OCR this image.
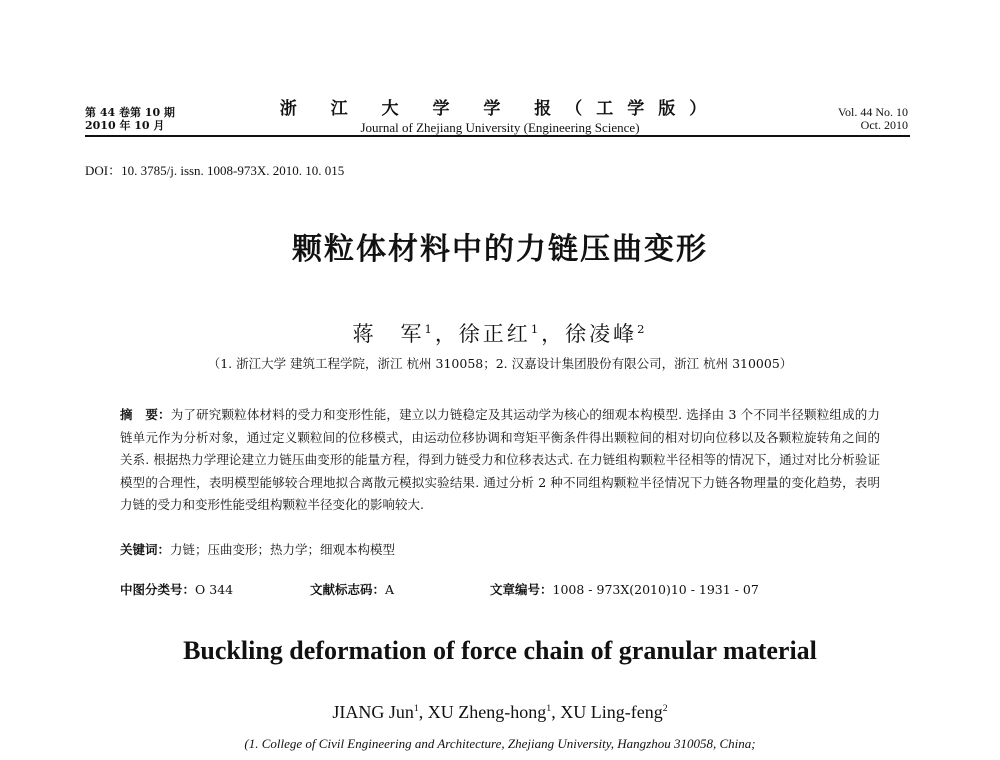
第 44 卷第 10 期
2010 年 10 月
浙 江 大 学 学 报（工学版）
Journal of Zhejiang University (Engineering Science)
Vol. 44 No. 10
Oct. 2010
DOI：10. 3785/j. issn. 1008-973X. 2010. 10. 015
颗粒体材料中的力链压曲变形
蒋　军$^1$，徐正红$^1$，徐凌峰$^2$
（1. 浙江大学 建筑工程学院，浙江 杭州 310058；2. 汉嘉设计集团股份有限公司，浙江 杭州 310005）
摘　要：为了研究颗粒体材料的受力和变形性能，建立以力链稳定及其运动学为核心的细观本构模型. 选择由 3 个不同半径颗粒组成的力链单元作为分析对象，通过定义颗粒间的位移模式，由运动位移协调和弯矩平衡条件得出颗粒间的相对切向位移以及各颗粒旋转角之间的关系. 根据热力学理论建立力链压曲变形的能量方程，得到力链受力和位移表达式. 在力链组构颗粒半径相等的情况下，通过对比分析验证模型的合理性，表明模型能够较合理地拟合离散元模拟实验结果. 通过分析 2 种不同组构颗粒半径情况下力链各物理量的变化趋势，表明力链的受力和变形性能受组构颗粒半径变化的影响较大.
关键词：力链；压曲变形；热力学；细观本构模型
中图分类号：O 344	文献标志码：A	文章编号：1008 - 973X(2010)10 - 1931 - 07
Buckling deformation of force chain of granular material
JIANG Jun$^1$, XU Zheng-hong$^1$, XU Ling-feng$^2$
(1. College of Civil Engineering and Architecture, Zhejiang University, Hangzhou 310058, China;
